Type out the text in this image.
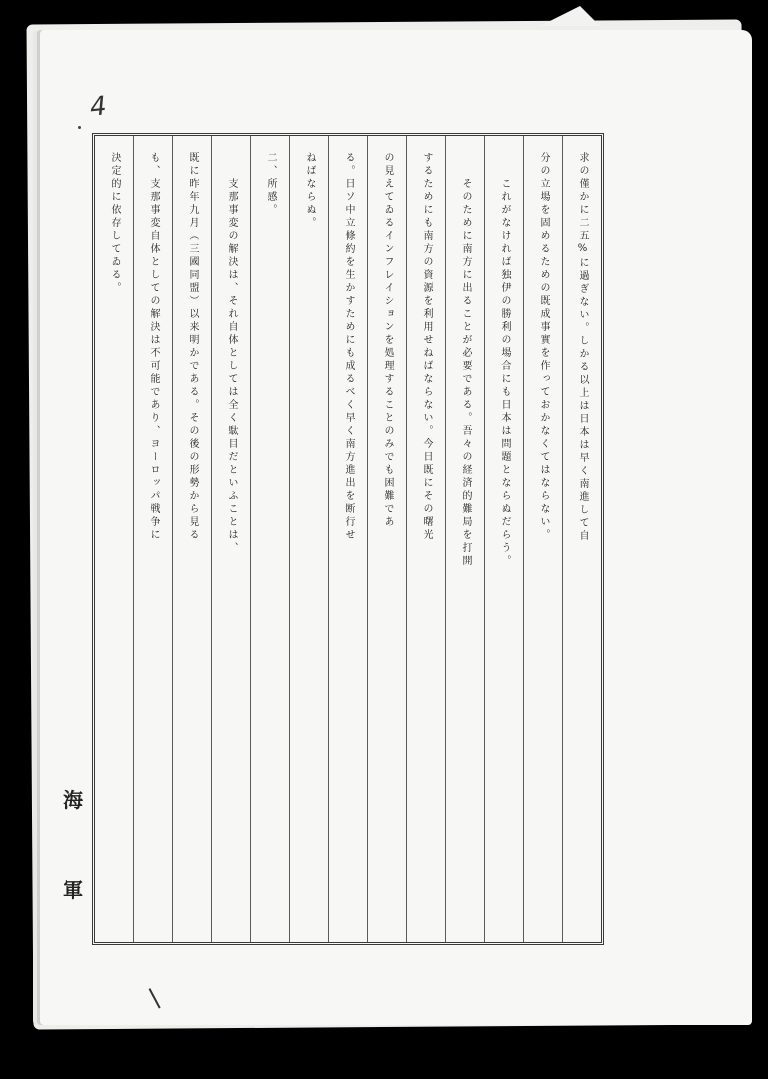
4
求の僅かに二五%に過ぎない。しかる以上は日本は早く南進して自
分の立場を固めるための既成事實を作っておかなくてはならない。
これがなければ独伊の勝利の場合にも日本は問題とならぬだらう。
そのために南方に出ることが必要である。吾々の経済的難局を打開
するためにも南方の資源を利用せねばならない。今日既にその曙光
の見えてゐるインフレイションを処理することのみでも困難であ
る。日ソ中立條約を生かすためにも成るべく早く南方進出を断行せ
ねばならぬ。
二、所感。
支那事変の解決は、それ自体としては全く駄目だといふことは、
既に昨年九月（三國同盟）以来明かである。その後の形勢から見る
も、支那事変自体としての解決は不可能であり、ヨーロッパ戦争に
決定的に依存してゐる。
海
軍
